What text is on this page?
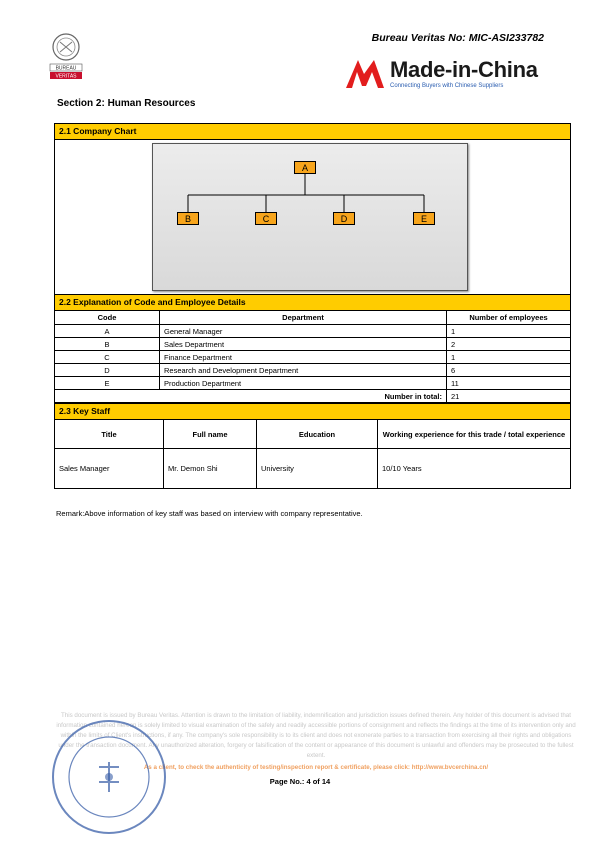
BUREAU
VERITAS
Bureau Veritas No: MIC-ASI233782
Made-in-China
Connecting Buyers with Chinese Suppliers
Section 2: Human Resources
2.1 Company Chart
A
B	C	D	E
2.2 Explanation of Code and Employee Details
Code	Department	Number of employees
A	General Manager	1
B	Sales Department	2
C	Finance Department	1
D	Research and Development Department	6
E	Production Department	11
Number in total:		21
2.3 Key Staff
Title	Full name	Education	Working experience for this trade / total experience
Sales Manager	Mr. Demon Shi	University	10/10 Years
Remark:Above information of key staff was based on interview with company representative.
This document is issued by Bureau Veritas. Attention is drawn to the limitation of liability, indemnification and jurisdiction issues defined therein. Any holder of this document is advised that information contained hereon is solely limited to visual examination of the safely and readily accessible portions of consignment and reflects the findings at the time of its intervention only and within the limits of Client's instructions, if any. The company's sole responsibility is to its client and does not exonerate parties to a transaction from exercising all their rights and obligations under the transaction document. Any unauthorized alteration, forgery or falsification of the content or appearance of this document is unlawful and offenders may be prosecuted to the fullest extent.
As a client, to check the authenticity of testing/inspection report & certificate, please click: http://www.bvcerchina.cn/
Page No.: 4 of 14
